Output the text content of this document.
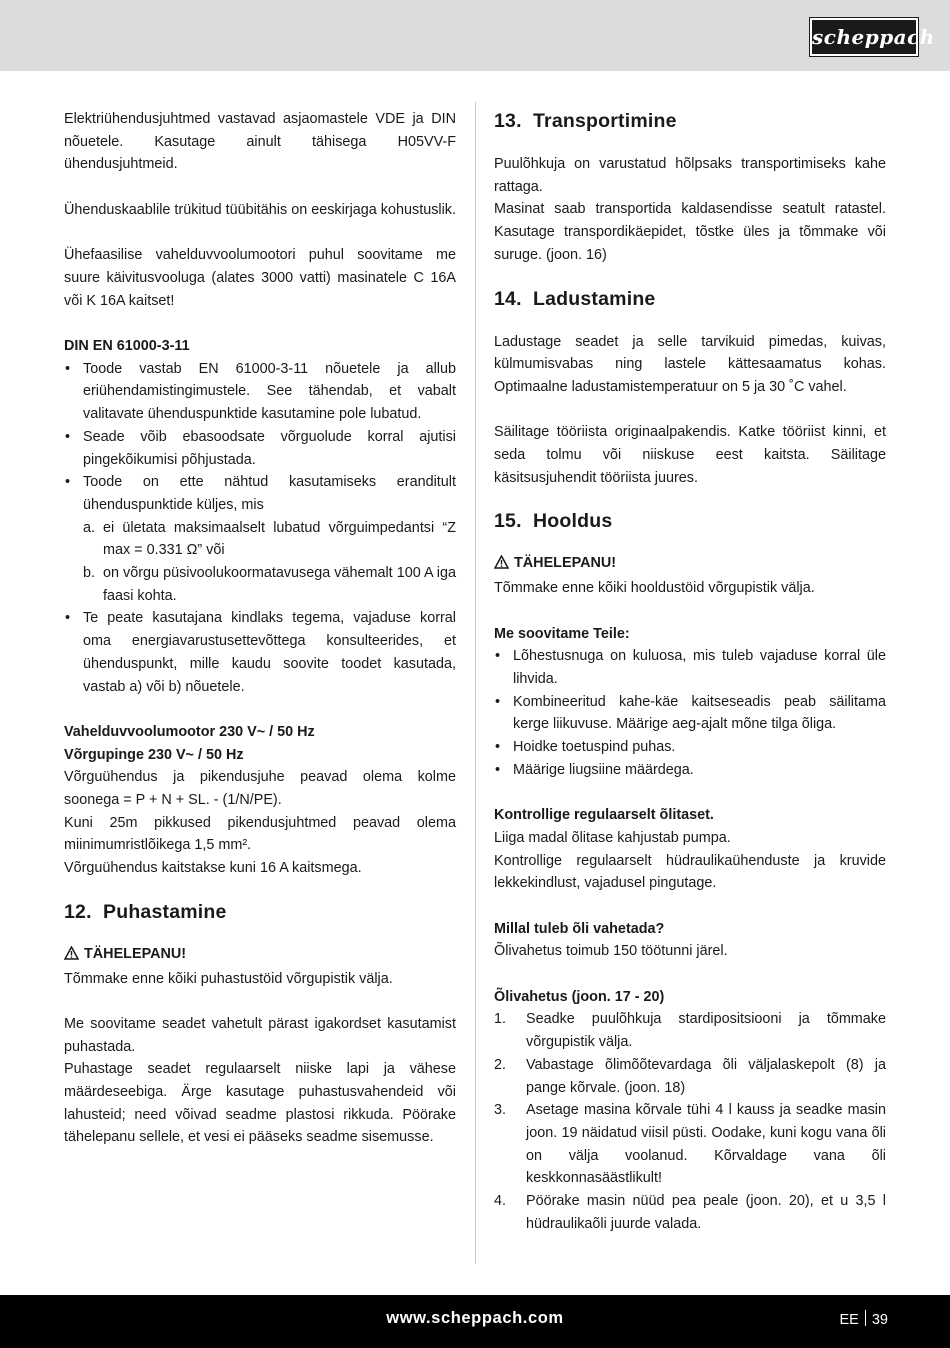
scheppach

Elektriühendusjuhtmed vastavad asjaomastele VDE ja DIN nõuetele. Kasutage ainult tähisega H05VV-F ühendusjuhtmeid.

Ühenduskaablile trükitud tüübitähis on eeskirjaga kohustuslik.

Ühefaasilise vahelduvvoolumootori puhul soovitame me suure käivitusvooluga (alates 3000 vatti) masinatele C 16A või K 16A kaitset!

DIN EN 61000-3-11

• Toode vastab EN 61000-3-11 nõuetele ja allub eriühendamistingimustele. See tähendab, et vabalt valitavate ühenduspunktide kasutamine pole lubatud.
• Seade võib ebasoodsate võrguolude korral ajutisi pingekõikumisi põhjustada.
• Toode on ette nähtud kasutamiseks eranditult ühenduspunktide küljes, mis
a. ei ületata maksimaalselt lubatud võrguimpedantsi “Z max = 0.331 Ω” või
b. on võrgu püsivoolukoormatavusega vähemalt 100 A iga faasi kohta.
• Te peate kasutajana kindlaks tegema, vajaduse korral oma energiavarustusettevõttega konsulteerides, et ühenduspunkt, mille kaudu soovite toodet kasutada, vastab a) või b) nõuetele.

Vahelduvvoolumootor 230 V~ / 50 Hz

Võrgupinge 230 V~ / 50 Hz

Võrguühendus ja pikendusjuhe peavad olema kolme soonega = P + N + SL. - (1/N/PE).

Kuni 25m pikkused pikendusjuhtmed peavad olema miinimumristlõikega 1,5 mm².

Võrguühendus kaitstakse kuni 16 A kaitsmega.

12. Puhastamine

TÄHELEPANU!

Tõmmake enne kõiki puhastustöid võrgupistik välja.

Me soovitame seadet vahetult pärast igakordset kasutamist puhastada.

Puhastage seadet regulaarselt niiske lapi ja vähese määrdeseebiga. Ärge kasutage puhastusvahendeid või lahusteid; need võivad seadme plastosi rikkuda. Pöörake tähelepanu sellele, et vesi ei pääseks seadme sisemusse.

13. Transportimine

Puulõhkuja on varustatud hõlpsaks transportimiseks kahe rattaga.

Masinat saab transportida kaldasendisse seatult ratastel. Kasutage transpordikäepidet, tõstke üles ja tõmmake või suruge. (joon. 16)

14. Ladustamine

Ladustage seadet ja selle tarvikuid pimedas, kuivas, külmumisvabas ning lastele kättesaamatus kohas. Optimaalne ladustamistemperatuur on 5 ja 30 ˚C vahel.

Säilitage tööriista originaalpakendis. Katke tööriist kinni, et seda tolmu või niiskuse eest kaitsta. Säilitage käsitsusjuhendit tööriista juures.

15. Hooldus

TÄHELEPANU!

Tõmmake enne kõiki hooldustöid võrgupistik välja.

Me soovitame Teile:

• Lõhestusnuga on kuluosa, mis tuleb vajaduse korral üle lihvida.
• Kombineeritud kahe-käe kaitseseadis peab säilitama kerge liikuvuse. Määrige aeg-ajalt mõne tilga õliga.
• Hoidke toetuspind puhas.
• Määrige liugsiine määrdega.

Kontrollige regulaarselt õlitaset.

Liiga madal õlitase kahjustab pumpa.

Kontrollige regulaarselt hüdraulikaühenduste ja kruvide lekkekindlust, vajadusel pingutage.

Millal tuleb õli vahetada?

Õlivahetus toimub 150 töötunni järel.

Õlivahetus (joon. 17 - 20)

1. Seadke puulõhkuja stardipositsiooni ja tõmmake võrgupistik välja.
2. Vabastage õlimõõtevardaga õli väljalaskepolt (8) ja pange kõrvale. (joon. 18)
3. Asetage masina kõrvale tühi 4 l kauss ja seadke masin joon. 19 näidatud viisil püsti. Oodake, kuni kogu vana õli on välja voolanud. Kõrvaldage vana õli keskkonnasäästlikult!
4. Pöörake masin nüüd pea peale (joon. 20), et u 3,5 l hüdraulikaõli juurde valada.
www.scheppach.com	EE 39
